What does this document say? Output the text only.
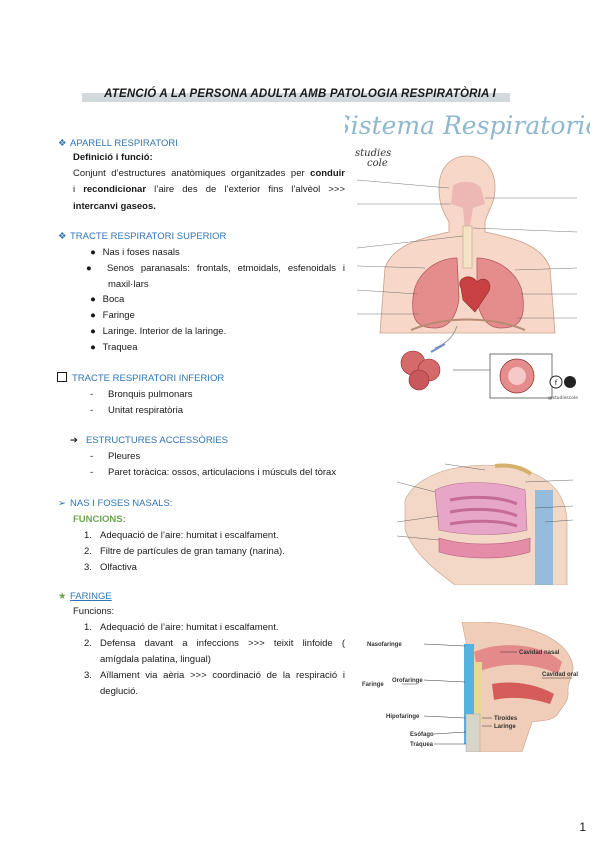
ATENCIÓ A LA PERSONA ADULTA AMB PATOLOGIA RESPIRATÒRIA I
❖ APARELL RESPIRATORI
Definició i funció:
Conjunt d’estructures anatòmiques organitzades per conduir
i recondicionar l’aire des de l’exterior fins l’alvèol >>>
intercanvi gaseos.
❖ TRACTE RESPIRATORI SUPERIOR
● Nas i foses nasals
● Senos paranasals: frontals, etmoidals, esfenoidals i
maxil·lars
● Boca
● Faringe
● Laringe. Interior de la laringe.
● Traquea
TRACTE RESPIRATORI INFERIOR
- Bronquis pulmonars
- Unitat respiratòria
➔ ESTRUCTURES ACCESSÒRIES
- Pleures
- Paret toràcica: ossos, articulacions i músculs del tòrax
➢ NAS I FOSES NASALS:
FUNCIONS:
1. Adequació de l’aire: humitat i escalfament.
2. Filtre de partícules de gran tamany (narina).
3. Olfactiva
★ FARINGE
Funcions:
1. Adequació de l’aire: humitat i escalfament.
2. Defensa davant a infeccions >>> teixit linfoide (
amígdala palatina, lingual)
3. Aïllament via aèria >>> coordinació de la respiració i
deglució.
Sistema Respiratorio
studies
cole
f
@studiescole
Nasofaringe
Cavidad nasal
Cavidad oral
Faringe
Orofaringe
Hipofaringe	Tiroides
Laringe
Esófago
Tráquea
1
